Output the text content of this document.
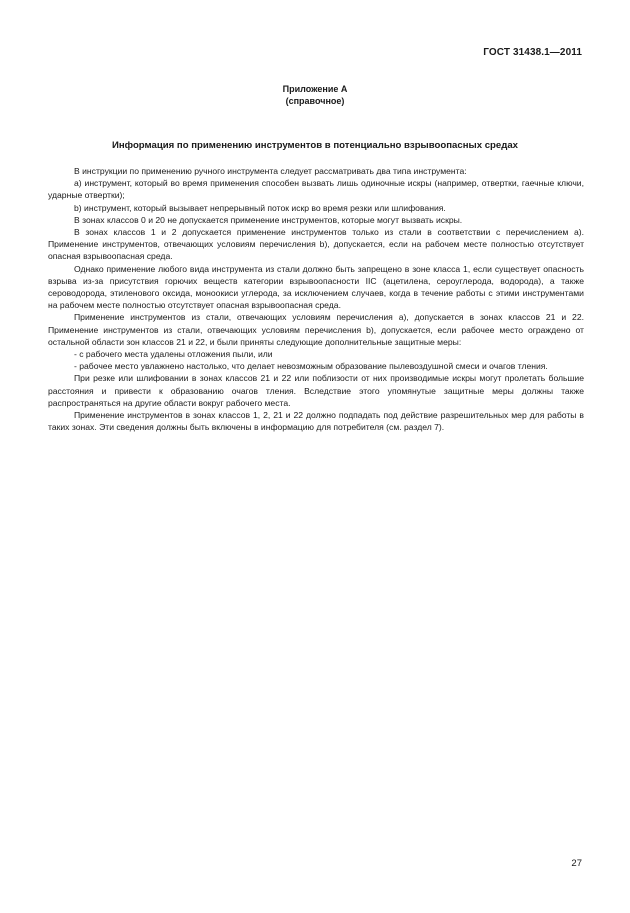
ГОСТ 31438.1—2011
Приложение А
(справочное)
Информация по применению инструментов в потенциально взрывоопасных средах

В инструкции по применению ручного инструмента следует рассматривать два типа инструмента:

а) инструмент, который во время применения способен вызвать лишь одиночные искры (например, отвертки, гаечные ключи, ударные отвертки);

b) инструмент, который вызывает непрерывный поток искр во время резки или шлифования.

В зонах классов 0 и 20 не допускается применение инструментов, которые могут вызвать искры.

В зонах классов 1 и 2 допускается применение инструментов только из стали в соответствии с перечислением а). Применение инструментов, отвечающих условиям перечисления b), допускается, если на рабочем месте полностью отсутствует опасная взрывоопасная среда.

Однако применение любого вида инструмента из стали должно быть запрещено в зоне класса 1, если существует опасность взрыва из-за присутствия горючих веществ категории взрывоопасности IIC (ацетилена, сероуглерода, водорода), а также сероводорода, этиленового оксида, моноокиси углерода, за исключением случаев, когда в течение работы с этими инструментами на рабочем месте полностью отсутствует опасная взрывоопасная среда.

Применение инструментов из стали, отвечающих условиям перечисления а), допускается в зонах классов 21 и 22. Применение инструментов из стали, отвечающих условиям перечисления b), допускается, если рабочее место ограждено от остальной области зон классов 21 и 22, и были приняты следующие дополнительные защитные меры:

- с рабочего места удалены отложения пыли, или

- рабочее место увлажнено настолько, что делает невозможным образование пылевоздушной смеси и очагов тления.

При резке или шлифовании в зонах классов 21 и 22 или поблизости от них производимые искры могут пролетать большие расстояния и привести к образованию очагов тления. Вследствие этого упомянутые защитные меры должны также распространяться на другие области вокруг рабочего места.

Применение инструментов в зонах классов 1, 2, 21 и 22 должно подпадать под действие разрешительных мер для работы в таких зонах. Эти сведения должны быть включены в информацию для потребителя (см. раздел 7).

27
